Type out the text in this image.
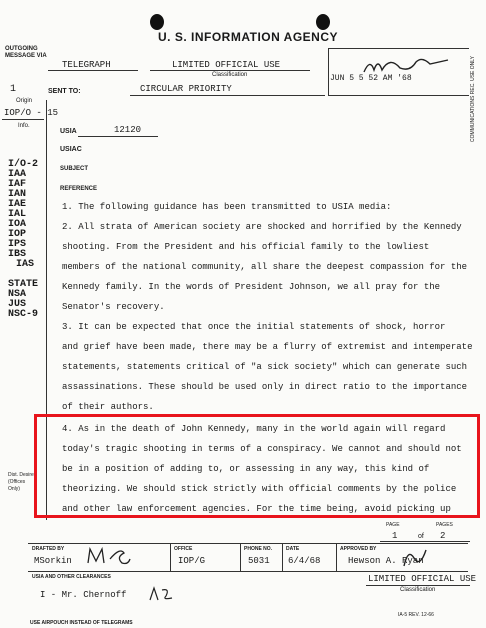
U. S. INFORMATION AGENCY
OUTGOING MESSAGE VIA
TELEGRAPH	LIMITED OFFICIAL USE
Classification	JUN 5 5 52 AM '68	COMMUNICATIONS REC. USE ONLY
1	SENT TO:	CIRCULAR PRIORITY
Origin
IOP/O - 15
Info.
USIA	12120
USIAC
SUBJECT
REFERENCE
I/O-2
IAA
IAF
IAN
IAE
IAL
IOA
IOP
IPS
IBS
IAS

STATE
NSA
JUS
NSC-9
Dist. Desired (Offices Only)
1. The following guidance has been transmitted to USIA media:
2. All strata of American society are shocked and horrified by the Kennedy
shooting. From the President and his official family to the lowliest
members of the national community, all share the deepest compassion for the
Kennedy family. In the words of President Johnson, we all pray for the
Senator's recovery.
3. It can be expected that once the initial statements of shock, horror
and grief have been made, there may be a flurry of extremist and intemperate
statements, statements critical of "a sick society" which can generate such
assassinations. These should be used only in direct ratio to the importance
of their authors.
4. As in the death of John Kennedy, many in the world again will regard
today's tragic shooting in terms of a conspiracy. We cannot and should not
be in a position of adding to, or assessing in any way, this kind of
theorizing. We should stick strictly with official comments by the police
and other law enforcement agencies. For the time being, avoid picking up
PAGE	PAGES
1	of 2
DRAFTED BY
MSorkin
OFFICE
IOP/G
PHONE NO.
5031
DATE
6/4/68
APPROVED BY
Hewson A. Ryan
USIA AND OTHER CLEARANCES
I - Mr. Chernoff
LIMITED OFFICIAL USE
Classification
IA-5 REV. 12-66
USE AIRPOUCH INSTEAD OF TELEGRAMS
